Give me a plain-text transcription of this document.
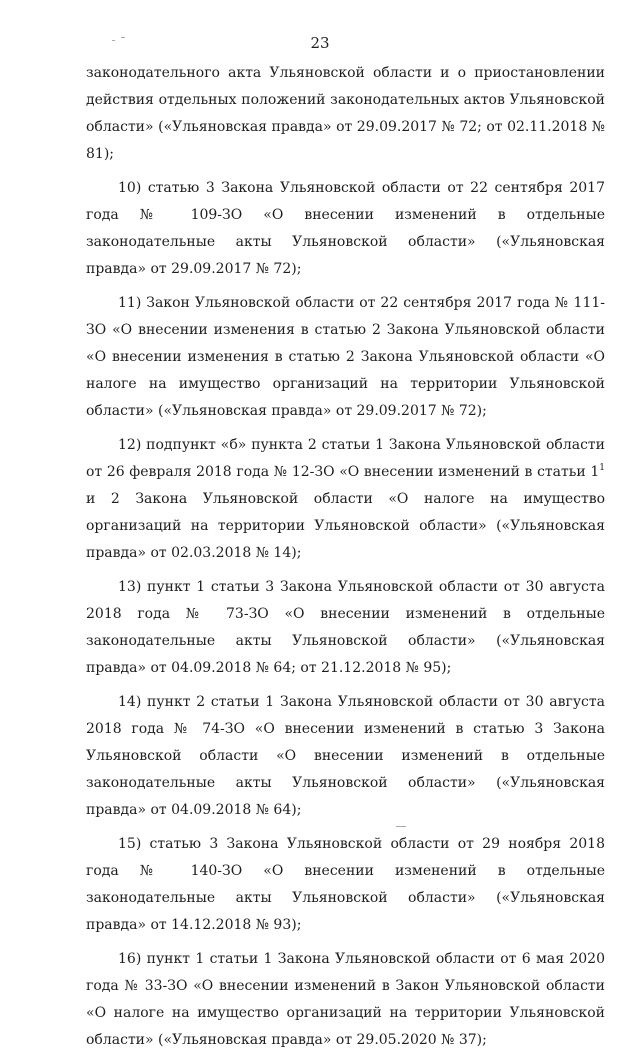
23

законодательного акта Ульяновской области и о приостановлении действия отдельных положений законодательных актов Ульяновской области» («Ульяновская правда» от 29.09.2017 № 72; от 02.11.2018 № 81);

10) статью 3 Закона Ульяновской области от 22 сентября 2017 года № 109-ЗО «О внесении изменений в отдельные законодательные акты Ульяновской области» («Ульяновская правда» от 29.09.2017 № 72);

11) Закон Ульяновской области от 22 сентября 2017 года № 111-ЗО «О внесении изменения в статью 2 Закона Ульяновской области «О внесении изменения в статью 2 Закона Ульяновской области «О налоге на имущество организаций на территории Ульяновской области» («Ульяновская правда» от 29.09.2017 № 72);

12) подпункт «б» пункта 2 статьи 1 Закона Ульяновской области от 26 февраля 2018 года № 12-ЗО «О внесении изменений в статьи $1^1$ и 2 Закона Ульяновской области «О налоге на имущество организаций на территории Ульяновской области» («Ульяновская правда» от 02.03.2018 № 14);

13) пункт 1 статьи 3 Закона Ульяновской области от 30 августа 2018 года № 73-ЗО «О внесении изменений в отдельные законодательные акты Ульяновской области» («Ульяновская правда» от 04.09.2018 № 64; от 21.12.2018 № 95);

14) пункт 2 статьи 1 Закона Ульяновской области от 30 августа 2018 года № 74-ЗО «О внесении изменений в статью 3 Закона Ульяновской области «О внесении изменений в отдельные законодательные акты Ульяновской области» («Ульяновская правда» от 04.09.2018 № 64);

15) статью 3 Закона Ульяновской области от 29 ноября 2018 года № 140-ЗО «О внесении изменений в отдельные законодательные акты Ульяновской области» («Ульяновская правда» от 14.12.2018 № 93);

16) пункт 1 статьи 1 Закона Ульяновской области от 6 мая 2020 года № 33-ЗО «О внесении изменений в Закон Ульяновской области «О налоге на имущество организаций на территории Ульяновской области» («Ульяновская правда» от 29.05.2020 № 37);
